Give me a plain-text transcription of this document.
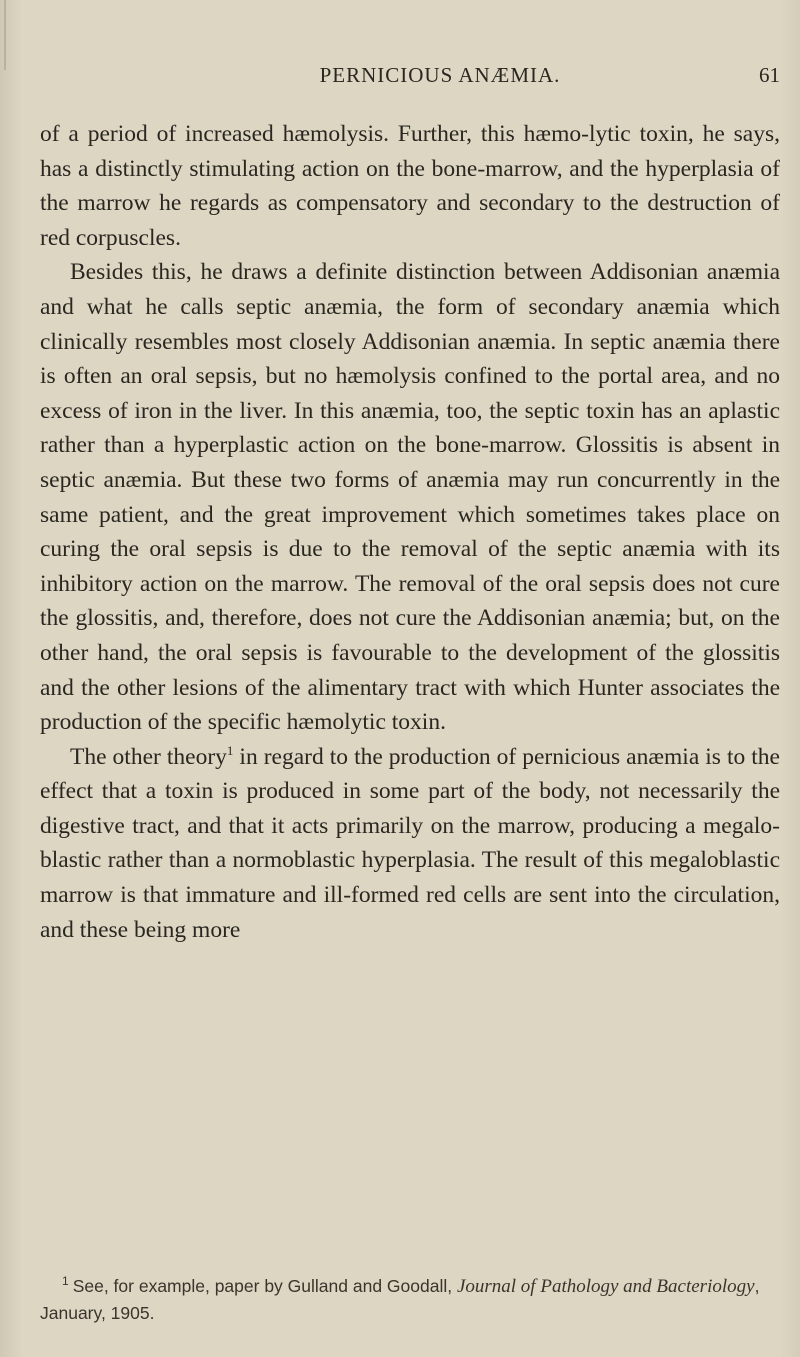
PERNICIOUS ANÆMIA.	61

of a period of increased hæmolysis. Further, this hæmo-lytic toxin, he says, has a distinctly stimulating action on the bone-marrow, and the hyperplasia of the marrow he regards as compensatory and secondary to the destruction of red corpuscles.

Besides this, he draws a definite distinction between Addisonian anæmia and what he calls septic anæmia, the form of secondary anæmia which clinically resembles most closely Addisonian anæmia. In septic anæmia there is often an oral sepsis, but no hæmolysis confined to the portal area, and no excess of iron in the liver. In this anæmia, too, the septic toxin has an aplastic rather than a hyperplastic action on the bone-marrow. Glossitis is absent in septic anæmia. But these two forms of anæmia may run concurrently in the same patient, and the great improvement which sometimes takes place on curing the oral sepsis is due to the removal of the septic anæmia with its inhibitory action on the marrow. The removal of the oral sepsis does not cure the glossitis, and, therefore, does not cure the Addisonian anæmia; but, on the other hand, the oral sepsis is favourable to the development of the glossitis and the other lesions of the alimentary tract with which Hunter associates the production of the specific hæmolytic toxin.

The other theory$^1$ in regard to the production of pernicious anæmia is to the effect that a toxin is produced in some part of the body, not necessarily the digestive tract, and that it acts primarily on the marrow, producing a megalo-blastic rather than a normoblastic hyperplasia. The result of this megaloblastic marrow is that immature and ill-formed red cells are sent into the circulation, and these being more

$^1$ See, for example, paper by Gulland and Goodall, Journal of Pathology and Bacteriology, January, 1905.
